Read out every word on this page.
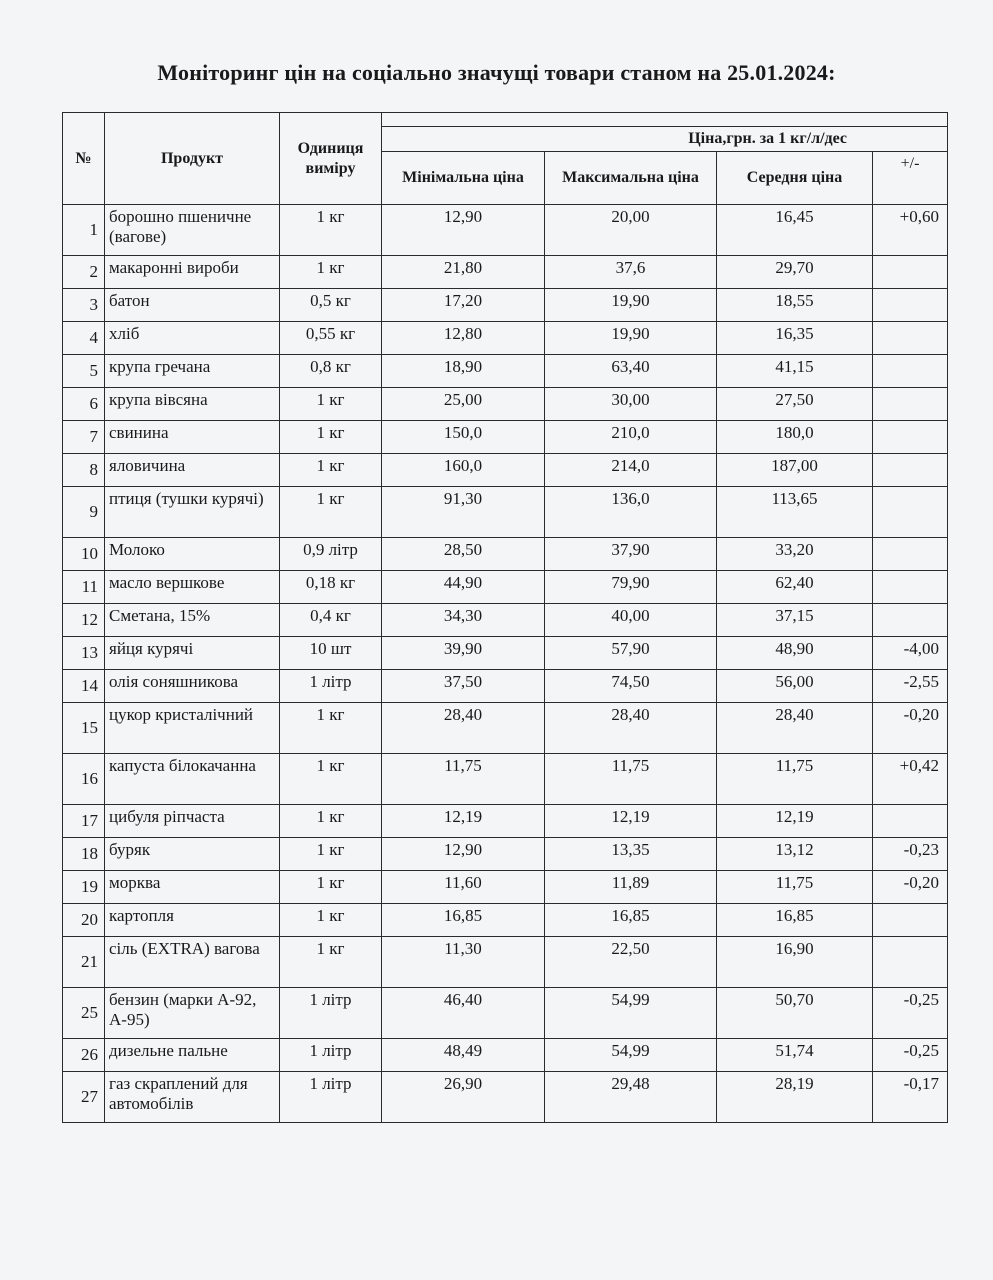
Моніторинг цін на соціально значущі товари станом на 25.01.2024:
№	Продукт	Одиниця виміру				
			Ціна,грн. за 1 кг/л/дес			
			Мінімальна ціна	Максимальна ціна	Середня ціна	+/-
1	борошно пшеничне (вагове)	1 кг	12,90	20,00	16,45	+0,60
2	макаронні вироби	1 кг	21,80	37,6	29,70	
3	батон	0,5 кг	17,20	19,90	18,55	
4	хліб	0,55 кг	12,80	19,90	16,35	
5	крупа гречана	0,8 кг	18,90	63,40	41,15	
6	крупа вівсяна	1 кг	25,00	30,00	27,50	
7	свинина	1 кг	150,0	210,0	180,0	
8	яловичина	1 кг	160,0	214,0	187,00	
9	птиця (тушки курячі)	1 кг	91,30	136,0	113,65	
10	Молоко	0,9 літр	28,50	37,90	33,20	
11	масло вершкове	0,18 кг	44,90	79,90	62,40	
12	Сметана, 15%	0,4 кг	34,30	40,00	37,15	
13	яйця курячі	10 шт	39,90	57,90	48,90	-4,00
14	олія соняшникова	1 літр	37,50	74,50	56,00	-2,55
15	цукор кристалічний	1 кг	28,40	28,40	28,40	-0,20
16	капуста білокачанна	1 кг	11,75	11,75	11,75	+0,42
17	цибуля ріпчаста	1 кг	12,19	12,19	12,19	
18	буряк	1 кг	12,90	13,35	13,12	-0,23
19	морква	1 кг	11,60	11,89	11,75	-0,20
20	картопля	1 кг	16,85	16,85	16,85	
21	сіль (EXTRA) вагова	1 кг	11,30	22,50	16,90	
25	бензин (марки А-92, А-95)	1 літр	46,40	54,99	50,70	-0,25
26	дизельне пальне	1 літр	48,49	54,99	51,74	-0,25
27	газ скраплений для автомобілів	1 літр	26,90	29,48	28,19	-0,17
